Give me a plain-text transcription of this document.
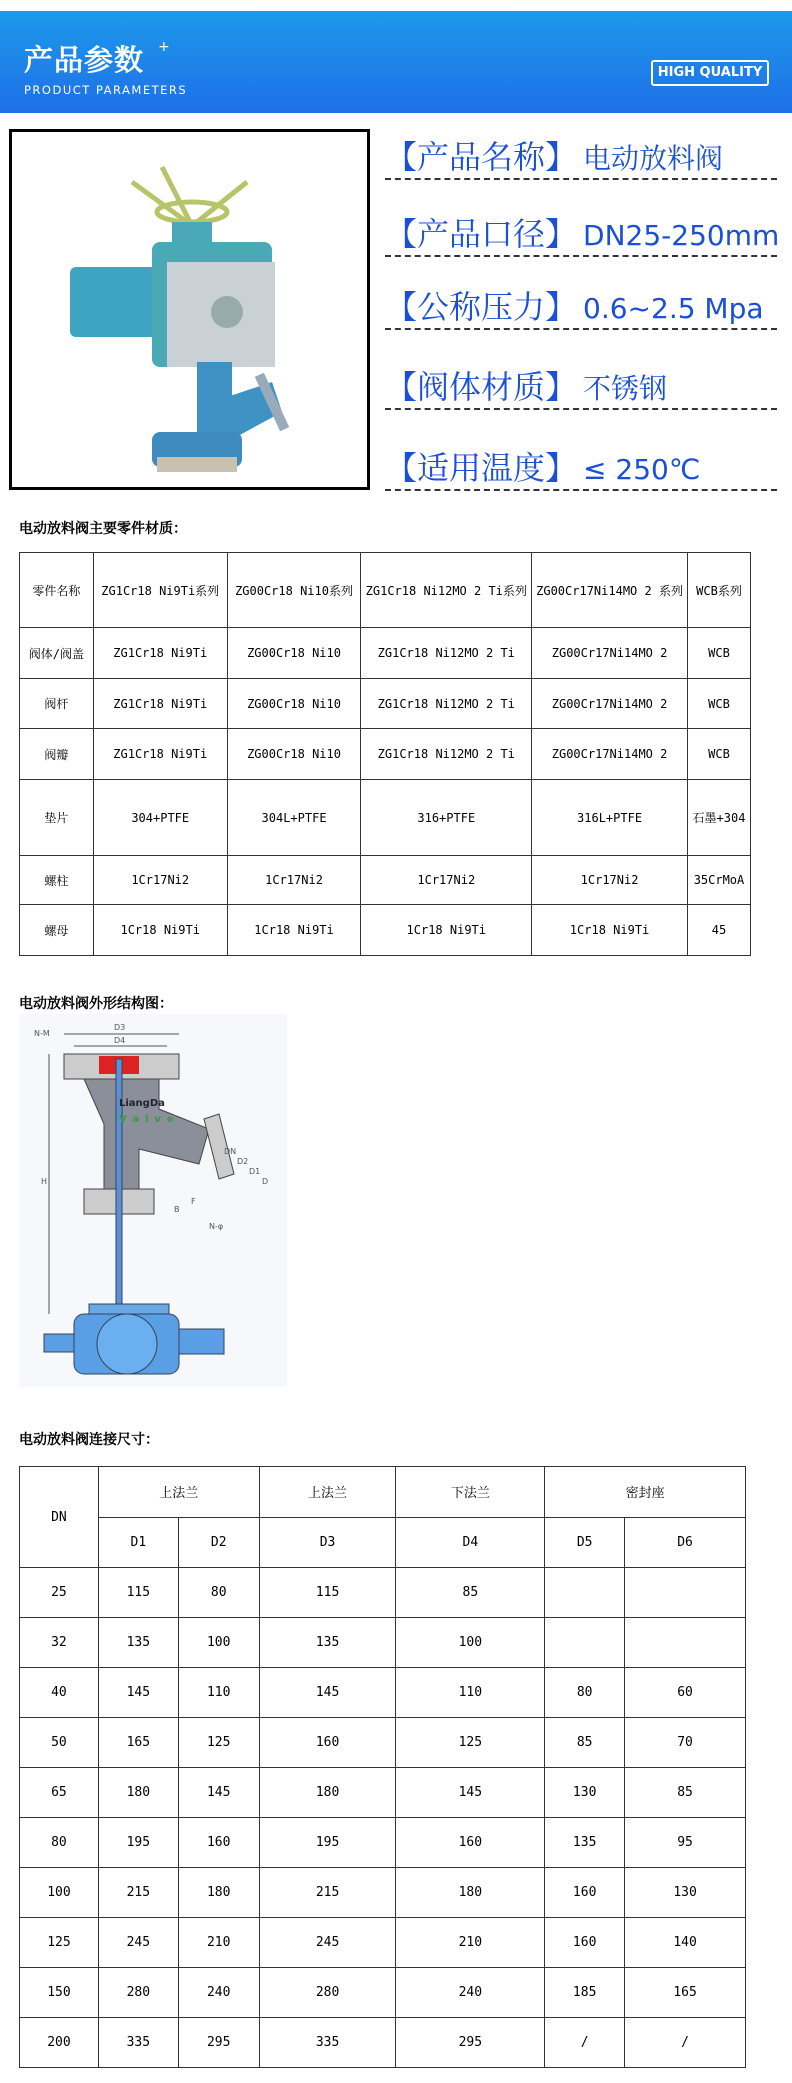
产品参数 +
PRODUCT PARAMETERS
HIGH QUALITY
【产品名称】 电动放料阀
【产品口径】 DN25-250mm
【公称压力】 0.6~2.5 Mpa
【阀体材质】 不锈钢
【适用温度】 ≤ 250℃
电动放料阀主要零件材质：
零件名称	ZG1Cr18 Ni9Ti系列	ZG00Cr18 Ni10系列	ZG1Cr18 Ni12MO 2 Ti系列	ZG00Cr17Ni14MO 2 系列	WCB系列
阀体/阀盖	ZG1Cr18 Ni9Ti	ZG00Cr18 Ni10	ZG1Cr18 Ni12MO 2 Ti	ZG00Cr17Ni14MO 2	WCB
阀杆	ZG1Cr18 Ni9Ti	ZG00Cr18 Ni10	ZG1Cr18 Ni12MO 2 Ti	ZG00Cr17Ni14MO 2	WCB
阀瓣	ZG1Cr18 Ni9Ti	ZG00Cr18 Ni10	ZG1Cr18 Ni12MO 2 Ti	ZG00Cr17Ni14MO 2	WCB
垫片	304+PTFE	304L+PTFE	316+PTFE	316L+PTFE	石墨+304
螺柱	1Cr17Ni2	1Cr17Ni2	1Cr17Ni2	1Cr17Ni2	35CrMoA
螺母	1Cr18 Ni9Ti	1Cr18 Ni9Ti	1Cr18 Ni9Ti	1Cr18 Ni9Ti	45
电动放料阀外形结构图：
D3
D4
N-M
H
LiangDa
Valve
DN
D2
D1
D
B
F
N-φ
电动放料阀连接尺寸：
DN	上法兰		上法兰	下法兰	密封座	
	D1	D2	D3	D4	D5	D6
25	115	80	115	85		
32	135	100	135	100		
40	145	110	145	110	80	60
50	165	125	160	125	85	70
65	180	145	180	145	130	85
80	195	160	195	160	135	95
100	215	180	215	180	160	130
125	245	210	245	210	160	140
150	280	240	280	240	185	165
200	335	295	335	295	/	/
